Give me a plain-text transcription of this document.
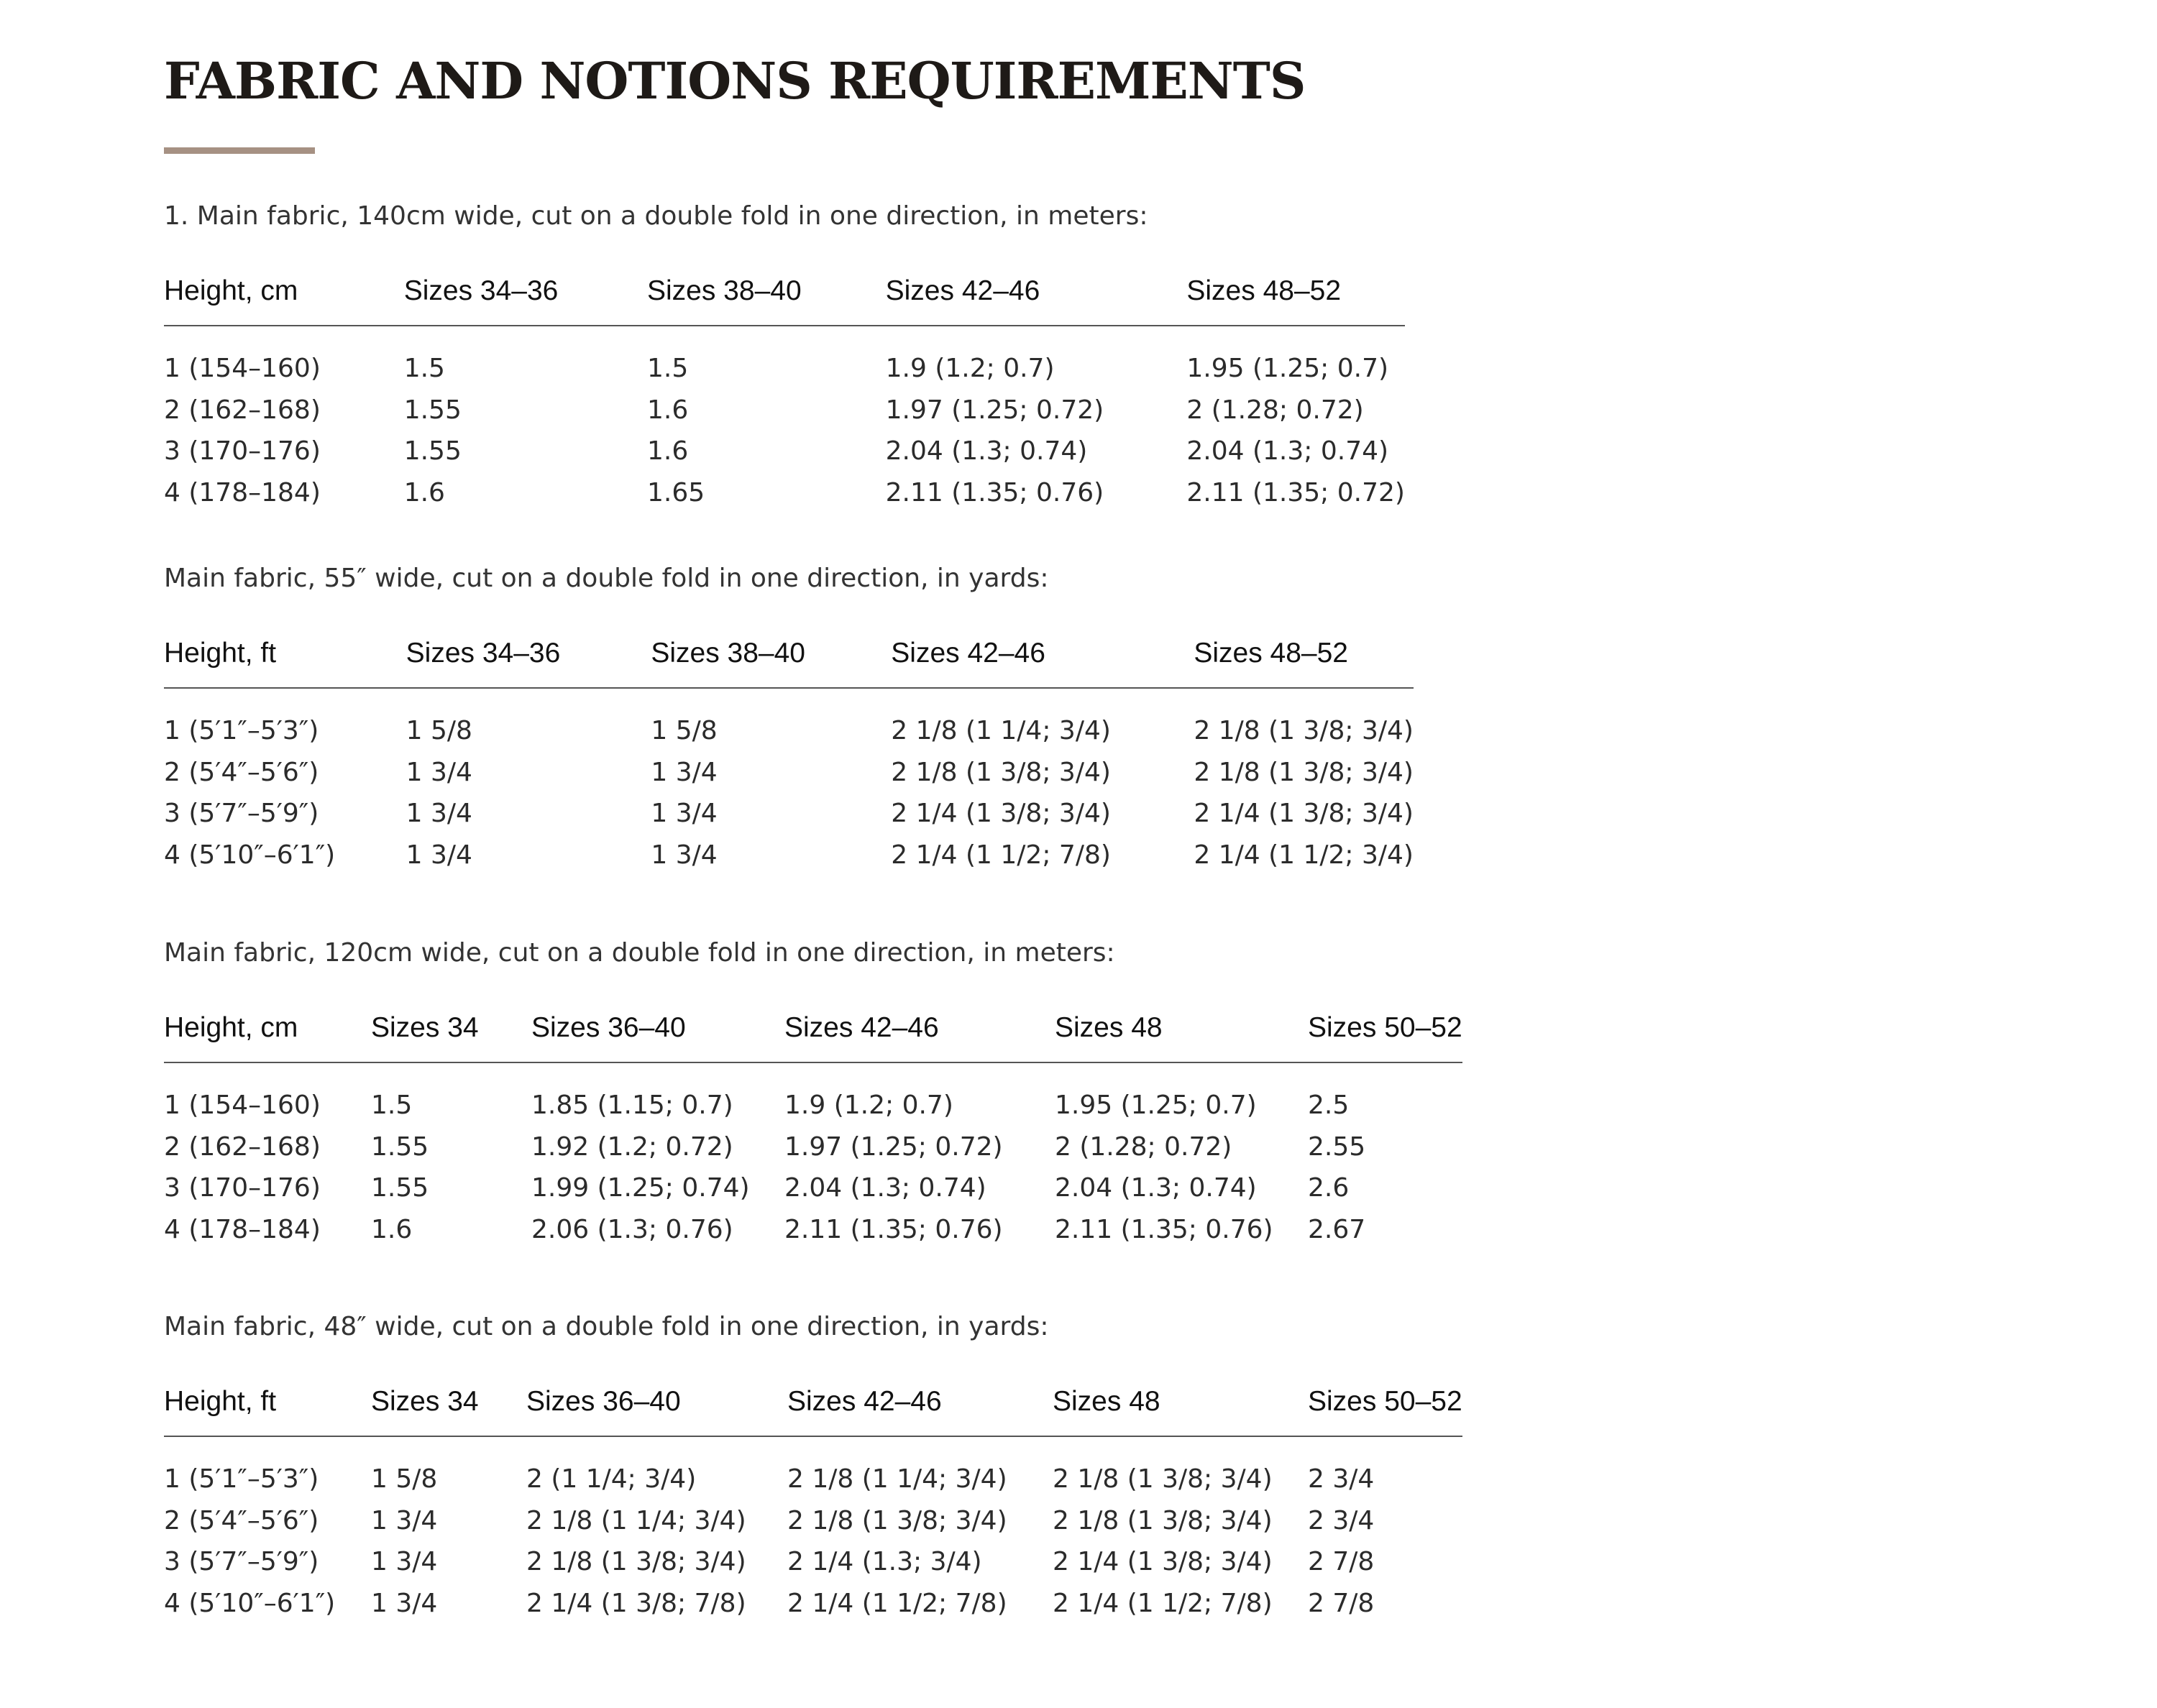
FABRIC AND NOTIONS REQUIREMENTS
1. Main fabric, 140cm wide, cut on a double fold in one direction, in meters:
Height, cm	Sizes 34–36	Sizes 38–40	Sizes 42–46	Sizes 48–52

1 (154–160)	1.5	1.5	1.9 (1.2; 0.7)	1.95 (1.25; 0.7)
2 (162–168)	1.55	1.6	1.97 (1.25; 0.72)	2 (1.28; 0.72)
3 (170–176)	1.55	1.6	2.04 (1.3; 0.74)	2.04 (1.3; 0.74)
4 (178–184)	1.6	1.65	2.11 (1.35; 0.76)	2.11 (1.35; 0.72)
Main fabric, 55″ wide, cut on a double fold in one direction, in yards:
Height, ft	Sizes 34–36	Sizes 38–40	Sizes 42–46	Sizes 48–52

1 (5′1″–5′3″)	1 5/8	1 5/8	2 1/8 (1 1/4; 3/4)	2 1/8 (1 3/8; 3/4)
2 (5′4″–5′6″)	1 3/4	1 3/4	2 1/8 (1 3/8; 3/4)	2 1/8 (1 3/8; 3/4)
3 (5′7″–5′9″)	1 3/4	1 3/4	2 1/4 (1 3/8; 3/4)	2 1/4 (1 3/8; 3/4)
4 (5′10″–6′1″)	1 3/4	1 3/4	2 1/4 (1 1/2; 7/8)	2 1/4 (1 1/2; 3/4)
Main fabric, 120cm wide, cut on a double fold in one direction, in meters:
Height, cm	Sizes 34	Sizes 36–40	Sizes 42–46	Sizes 48	Sizes 50–52

1 (154–160)	1.5	1.85 (1.15; 0.7)	1.9 (1.2; 0.7)	1.95 (1.25; 0.7)	2.5
2 (162–168)	1.55	1.92 (1.2; 0.72)	1.97 (1.25; 0.72)	2 (1.28; 0.72)	2.55
3 (170–176)	1.55	1.99 (1.25; 0.74)	2.04 (1.3; 0.74)	2.04 (1.3; 0.74)	2.6
4 (178–184)	1.6	2.06 (1.3; 0.76)	2.11 (1.35; 0.76)	2.11 (1.35; 0.76)	2.67
Main fabric, 48″ wide, cut on a double fold in one direction, in yards:
Height, ft	Sizes 34	Sizes 36–40	Sizes 42–46	Sizes 48	Sizes 50–52

1 (5′1″–5′3″)	1 5/8	2 (1 1/4; 3/4)	2 1/8 (1 1/4; 3/4)	2 1/8 (1 3/8; 3/4)	2 3/4
2 (5′4″–5′6″)	1 3/4	2 1/8 (1 1/4; 3/4)	2 1/8 (1 3/8; 3/4)	2 1/8 (1 3/8; 3/4)	2 3/4
3 (5′7″–5′9″)	1 3/4	2 1/8 (1 3/8; 3/4)	2 1/4 (1.3; 3/4)	2 1/4 (1 3/8; 3/4)	2 7/8
4 (5′10″–6′1″)	1 3/4	2 1/4 (1 3/8; 7/8)	2 1/4 (1 1/2; 7/8)	2 1/4 (1 1/2; 7/8)	2 7/8
